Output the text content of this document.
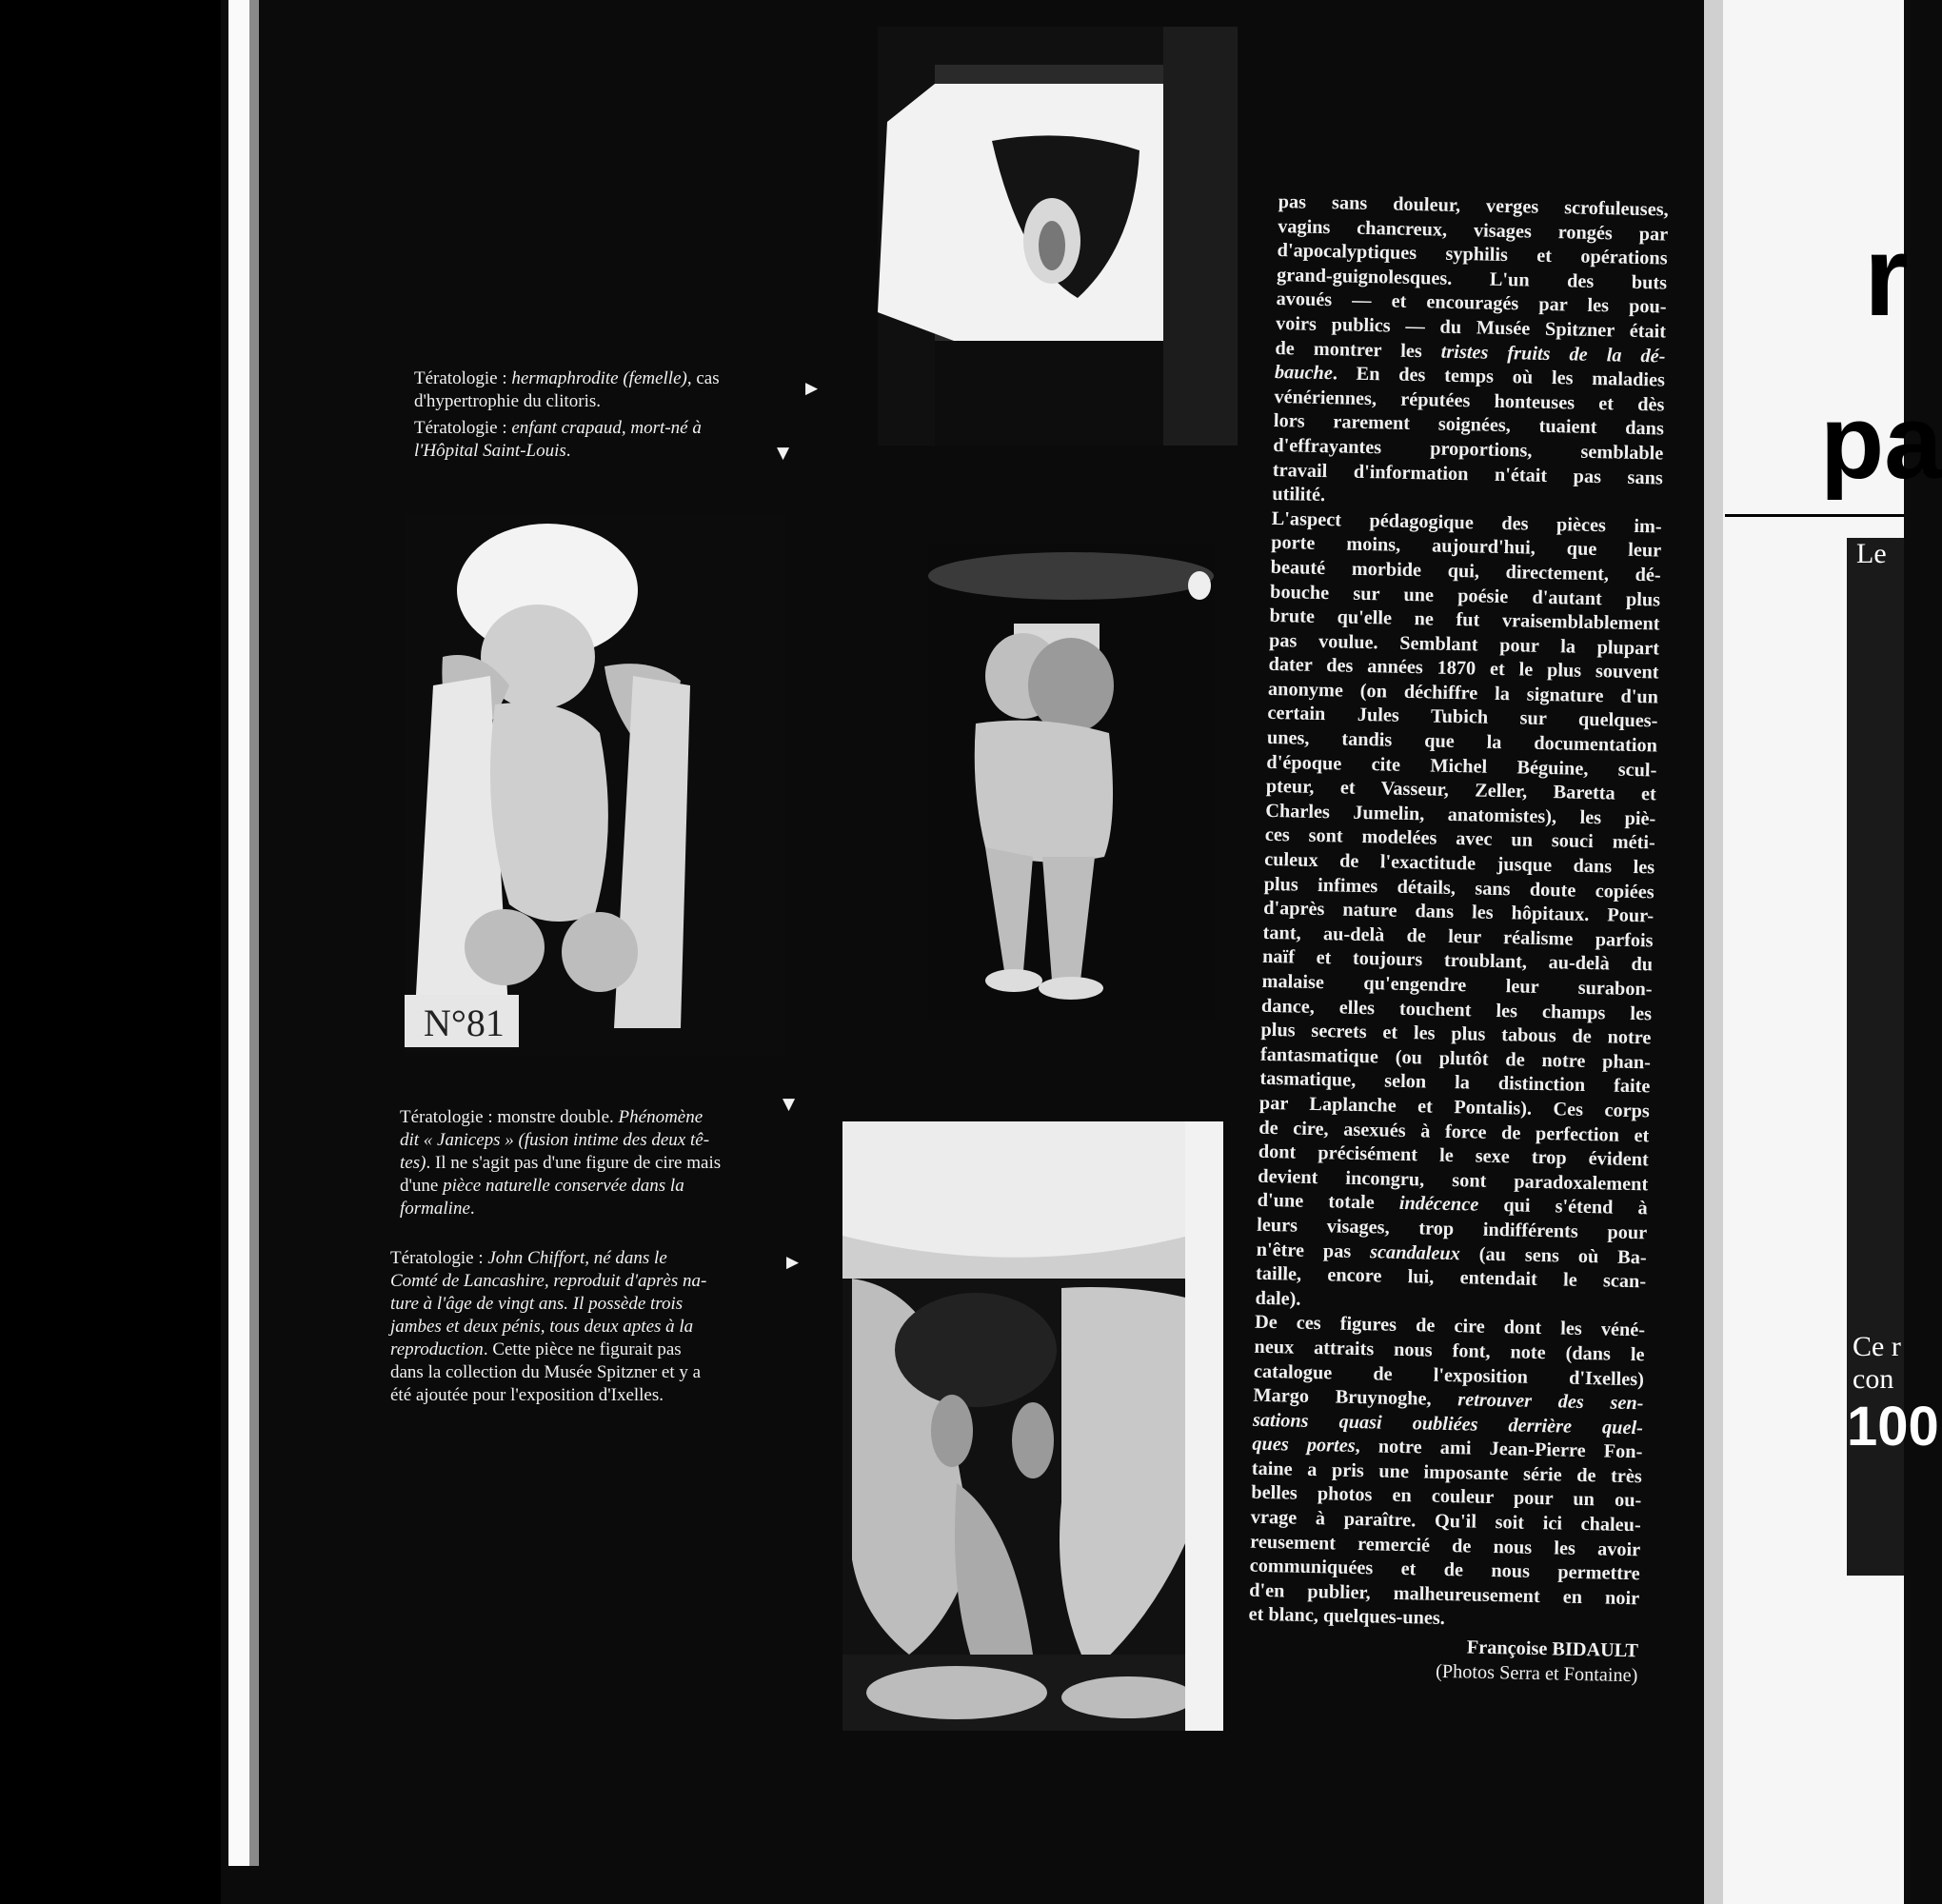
Tératologie : hermaphrodite (femelle), cas
d'hypertrophie du clitoris.
▶
Tératologie : enfant crapaud, mort-né à
l'Hôpital Saint-Louis.	▼
N°81
Tératologie : monstre double. Phénomène
dit « Janiceps » (fusion intime des deux tê-
tes). Il ne s'agit pas d'une figure de cire mais
d'une pièce naturelle conservée dans la
formaline.
▼
Tératologie : John Chiffort, né dans le
Comté de Lancashire, reproduit d'après na-
ture à l'âge de vingt ans. Il possède trois
jambes et deux pénis, tous deux aptes à la
reproduction. Cette pièce ne figurait pas
dans la collection du Musée Spitzner et y a
été ajoutée pour l'exposition d'Ixelles.
▶
pas sans douleur, verges scrofuleuses,
vagins chancreux, visages rongés par
d'apocalyptiques syphilis et opérations
grand-guignolesques. L'un des buts
avoués — et encouragés par les pou-
voirs publics — du Musée Spitzner était
de montrer les tristes fruits de la dé-
bauche. En des temps où les maladies
vénériennes, réputées honteuses et dès
lors rarement soignées, tuaient dans
d'effrayantes proportions, semblable
travail d'information n'était pas sans
utilité.
L'aspect pédagogique des pièces im-
porte moins, aujourd'hui, que leur
beauté morbide qui, directement, dé-
bouche sur une poésie d'autant plus
brute qu'elle ne fut vraisemblablement
pas voulue. Semblant pour la plupart
dater des années 1870 et le plus souvent
anonyme (on déchiffre la signature d'un
certain Jules Tubich sur quelques-
unes, tandis que la documentation
d'époque cite Michel Béguine, scul-
pteur, et Vasseur, Zeller, Baretta et
Charles Jumelin, anatomistes), les piè-
ces sont modelées avec un souci méti-
culeux de l'exactitude jusque dans les
plus infimes détails, sans doute copiées
d'après nature dans les hôpitaux. Pour-
tant, au-delà de leur réalisme parfois
naïf et toujours troublant, au-delà du
malaise qu'engendre leur surabon-
dance, elles touchent les champs les
plus secrets et les plus tabous de notre
fantasmatique (ou plutôt de notre phan-
tasmatique, selon la distinction faite
par Laplanche et Pontalis). Ces corps
de cire, asexués à force de perfection et
dont précisément le sexe trop évident
devient incongru, sont paradoxalement
d'une totale indécence qui s'étend à
leurs visages, trop indifférents pour
n'être pas scandaleux (au sens où Ba-
taille, encore lui, entendait le scan-
dale).
De ces figures de cire dont les véné-
neux attraits nous font, note (dans le
catalogue de l'exposition d'Ixelles)
Margo Bruynoghe, retrouver des sen-
sations quasi oubliées derrière quel-
ques portes, notre ami Jean-Pierre Fon-
taine a pris une imposante série de très
belles photos en couleur pour un ou-
vrage à paraître. Qu'il soit ici chaleu-
reusement remercié de nous les avoir
communiquées et de nous permettre
d'en publier, malheureusement en noir
et blanc, quelques-unes.
Françoise BIDAULT
(Photos Serra et Fontaine)
r
pa
Le
Ce r
con
100
